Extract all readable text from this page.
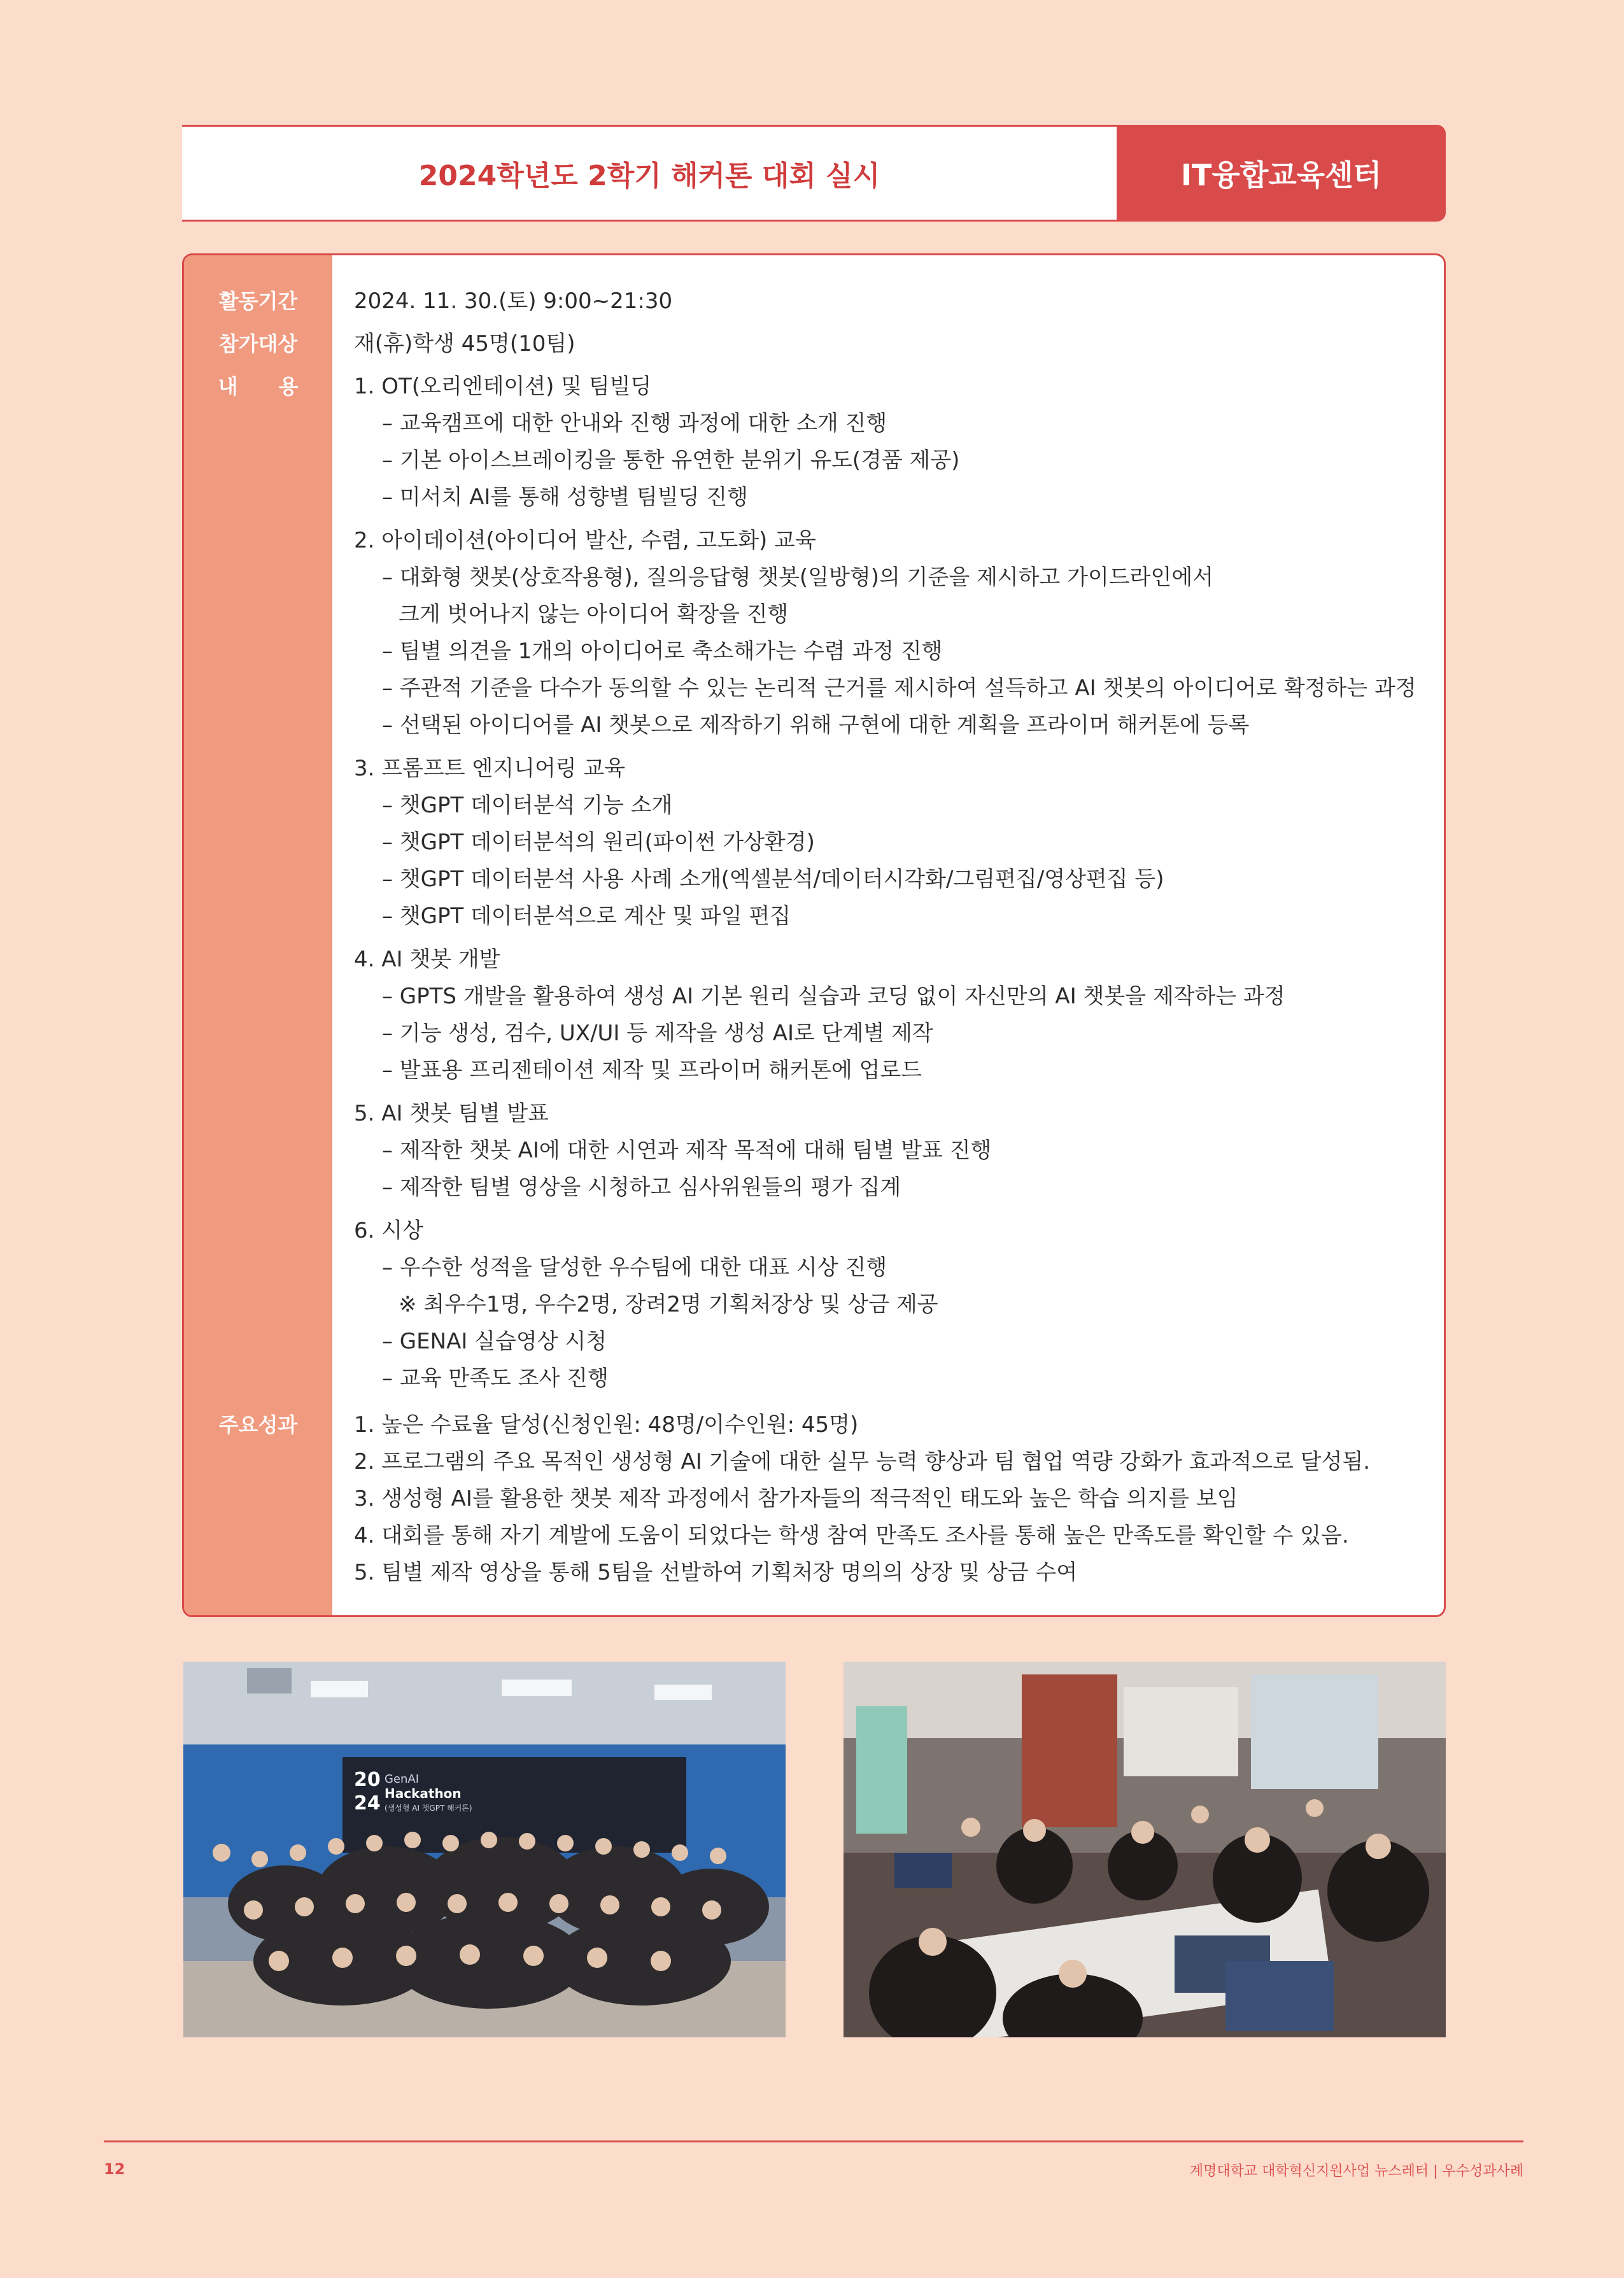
2024학년도 2학기 해커톤 대회 실시	IT융합교육센터
활동기간
참가대상
내　　용
주요성과
2024. 11. 30.(토) 9:00~21:30
재(휴)학생 45명(10팀)
1. OT(오리엔테이션) 및 팀빌딩
– 교육캠프에 대한 안내와 진행 과정에 대한 소개 진행
– 기본 아이스브레이킹을 통한 유연한 분위기 유도(경품 제공)
– 미서치 AI를 통해 성향별 팀빌딩 진행
2. 아이데이션(아이디어 발산, 수렴, 고도화) 교육
– 대화형 챗봇(상호작용형), 질의응답형 챗봇(일방형)의 기준을 제시하고 가이드라인에서
크게 벗어나지 않는 아이디어 확장을 진행
– 팀별 의견을 1개의 아이디어로 축소해가는 수렴 과정 진행
– 주관적 기준을 다수가 동의할 수 있는 논리적 근거를 제시하여 설득하고 AI 챗봇의 아이디어로 확정하는 과정
– 선택된 아이디어를 AI 챗봇으로 제작하기 위해 구현에 대한 계획을 프라이머 해커톤에 등록
3. 프롬프트 엔지니어링 교육
– 챗GPT 데이터분석 기능 소개
– 챗GPT 데이터분석의 원리(파이썬 가상환경)
– 챗GPT 데이터분석 사용 사례 소개(엑셀분석/데이터시각화/그림편집/영상편집 등)
– 챗GPT 데이터분석으로 계산 및 파일 편집
4. AI 챗봇 개발
– GPTS 개발을 활용하여 생성 AI 기본 원리 실습과 코딩 없이 자신만의 AI 챗봇을 제작하는 과정
– 기능 생성, 검수, UX/UI 등 제작을 생성 AI로 단계별 제작
– 발표용 프리젠테이션 제작 및 프라이머 해커톤에 업로드
5. AI 챗봇 팀별 발표
– 제작한 챗봇 AI에 대한 시연과 제작 목적에 대해 팀별 발표 진행
– 제작한 팀별 영상을 시청하고 심사위원들의 평가 집계
6. 시상
– 우수한 성적을 달성한 우수팀에 대한 대표 시상 진행
※ 최우수1명, 우수2명, 장려2명 기획처장상 및 상금 제공
– GENAI 실습영상 시청
– 교육 만족도 조사 진행
1. 높은 수료율 달성(신청인원: 48명/이수인원: 45명)
2. 프로그램의 주요 목적인 생성형 AI 기술에 대한 실무 능력 향상과 팀 협업 역량 강화가 효과적으로 달성됨.
3. 생성형 AI를 활용한 챗봇 제작 과정에서 참가자들의 적극적인 태도와 높은 학습 의지를 보임
4. 대회를 통해 자기 계발에 도움이 되었다는 학생 참여 만족도 조사를 통해 높은 만족도를 확인할 수 있음.
5. 팀별 제작 영상을 통해 5팀을 선발하여 기획처장 명의의 상장 및 상금 수여
20
24
GenAI
Hackathon
(생성형 AI 챗GPT 해커톤)
12	계명대학교 대학혁신지원사업 뉴스레터 | 우수성과사례
